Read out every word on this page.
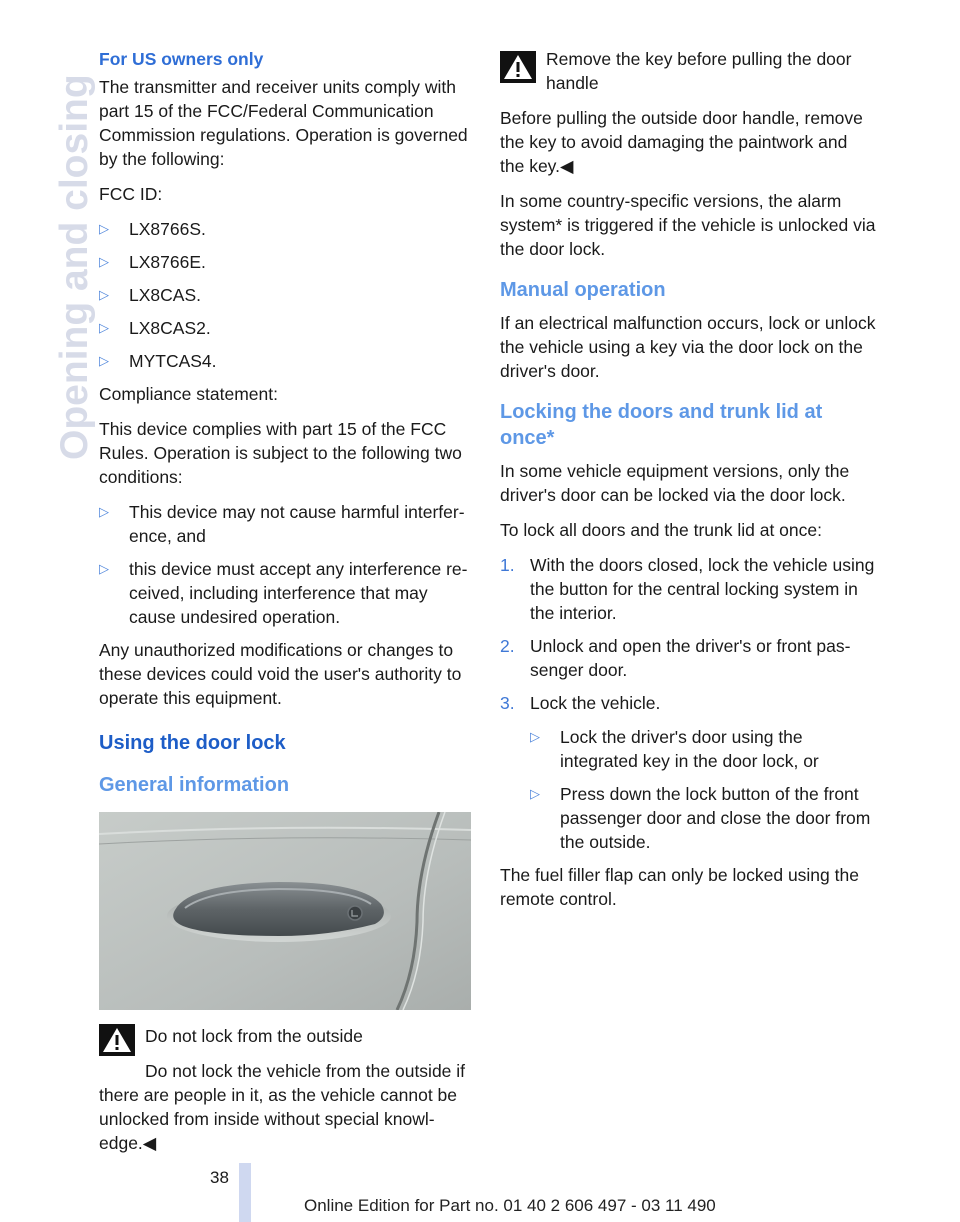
Opening and closing

For US owners only

The transmitter and receiver units comply with part 15 of the FCC/Federal Communication Commission regulations. Operation is governed by the following:

FCC ID:

▷ LX8766S.
▷ LX8766E.
▷ LX8CAS.
▷ LX8CAS2.
▷ MYTCAS4.

Compliance statement:

This device complies with part 15 of the FCC Rules. Operation is subject to the following two conditions:

▷ This device may not cause harmful interfer-ence, and
▷ this device must accept any interference re-ceived, including interference that may cause undesired operation.

Any unauthorized modifications or changes to these devices could void the user's authority to operate this equipment.

Using the door lock
General information

Do not lock from the outside

Do not lock the vehicle from the outside if there are people in it, as the vehicle cannot be unlocked from inside without special knowl-edge.◀

Remove the key before pulling the door handle

Before pulling the outside door handle, remove the key to avoid damaging the paintwork and the key.◀

In some country-specific versions, the alarm system* is triggered if the vehicle is unlocked via the door lock.

Manual operation

If an electrical malfunction occurs, lock or unlock the vehicle using a key via the door lock on the driver's door.

Locking the doors and trunk lid at once*

In some vehicle equipment versions, only the driver's door can be locked via the door lock.

To lock all doors and the trunk lid at once:

1. With the doors closed, lock the vehicle using the button for the central locking system in the interior.
2. Unlock and open the driver's or front pas-senger door.
3. Lock the vehicle.
▷ Lock the driver's door using the integrated key in the door lock, or
▷ Press down the lock button of the front passenger door and close the door from the outside.

The fuel filler flap can only be locked using the remote control.

38
Online Edition for Part no. 01 40 2 606 497 - 03 11 490
